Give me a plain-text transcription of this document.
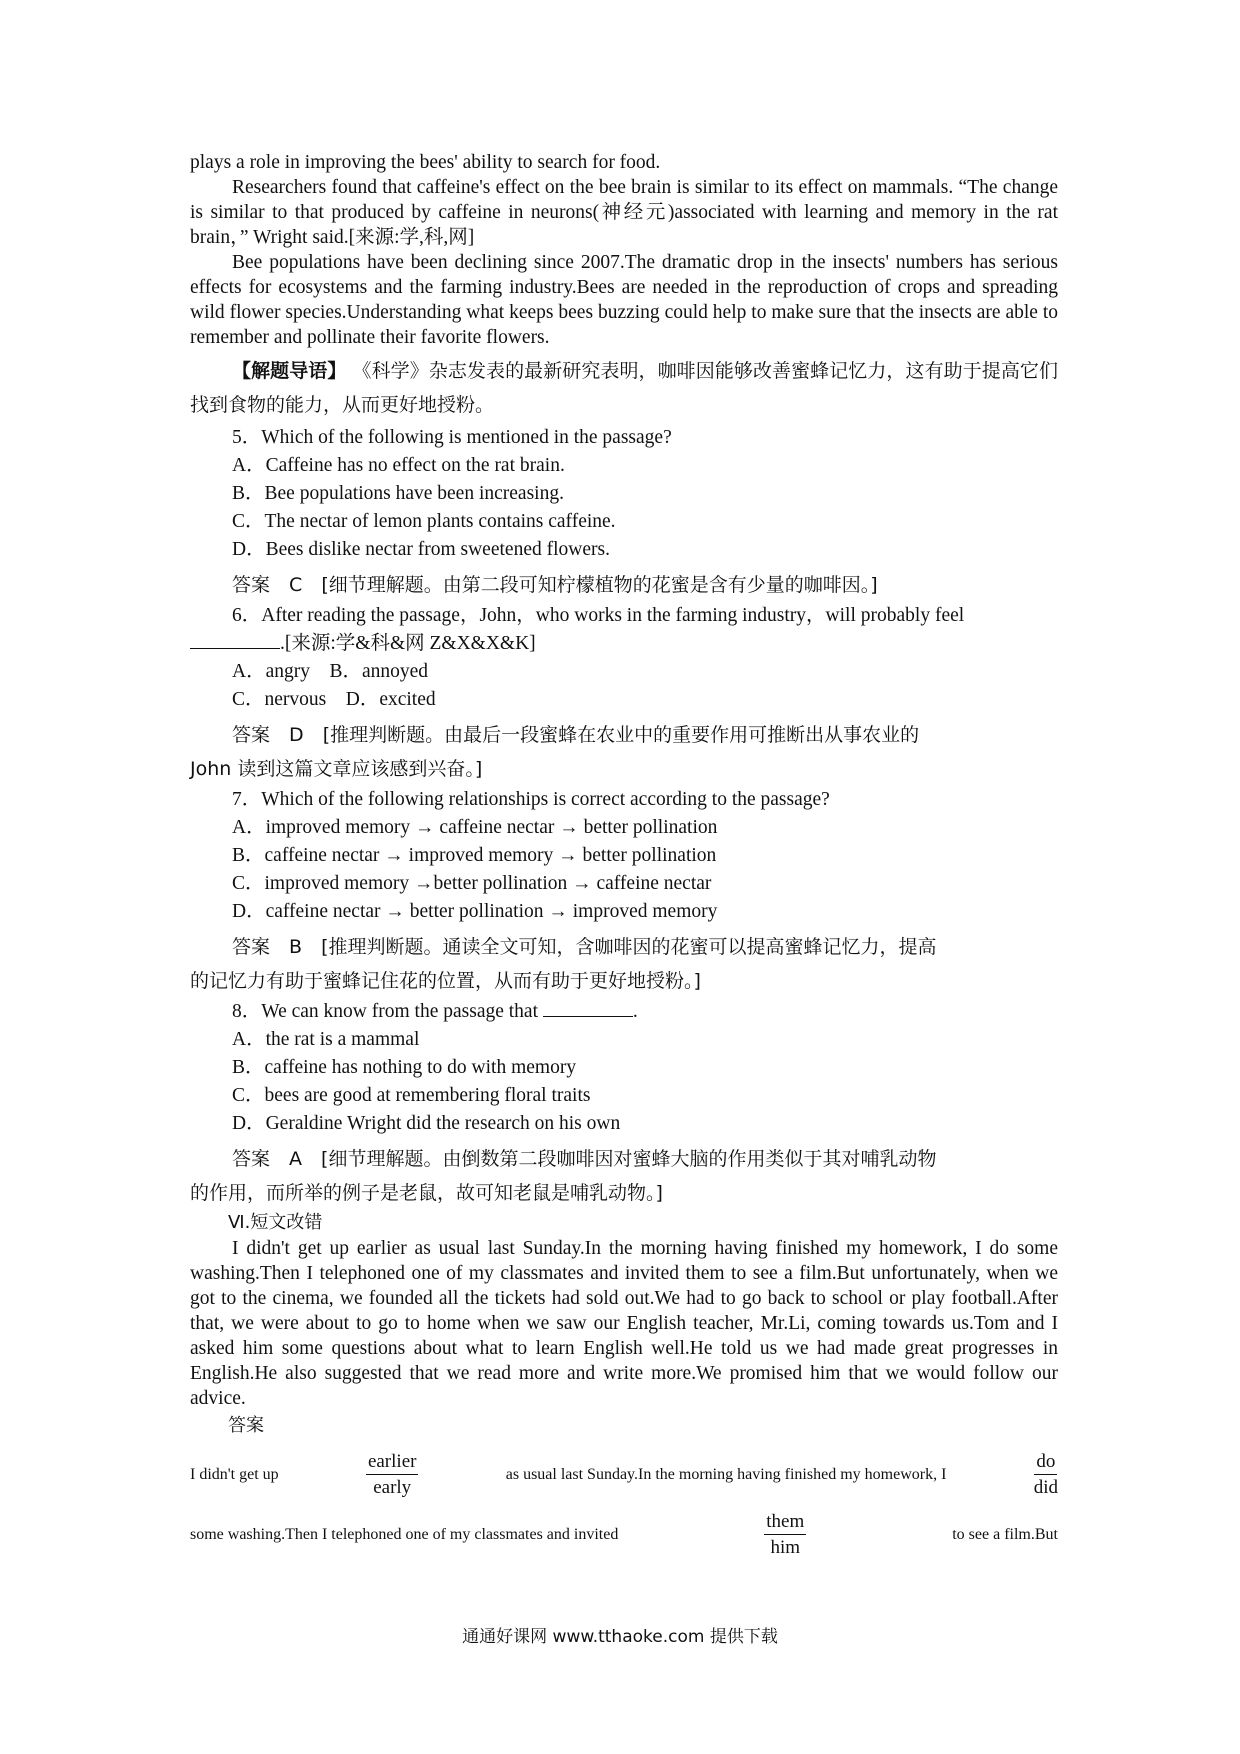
plays a role in improving the bees' ability to search for food.

Researchers found that caffeine's effect on the bee brain is similar to its effect on mammals. “The change is similar to that produced by caffeine in neurons(神经元)associated with learning and memory in the rat brain，” Wright said.[来源:学,科,网]

Bee populations have been declining since 2007.The dramatic drop in the insects' numbers has serious effects for ecosystems and the farming industry.Bees are needed in the reproduction of crops and spreading wild flower species.Understanding what keeps bees buzzing could help to make sure that the insects are able to remember and pollinate their favorite flowers.

【解题导语】 《科学》杂志发表的最新研究表明，咖啡因能够改善蜜蜂记忆力，这有助于提高它们找到食物的能力，从而更好地授粉。

5．Which of the following is mentioned in the passage?

A．Caffeine has no effect on the rat brain.

B．Bee populations have been increasing.

C．The nectar of lemon plants contains caffeine.

D．Bees dislike nectar from sweetened flowers.

答案　 C　 [细节理解题。由第二段可知柠檬植物的花蜜是含有少量的咖啡因。]

6．After reading the passage，John，who works in the farming industry，will probably feel

.[来源:学&科&网 Z&X&X&K]

A．angry　B．annoyed

C．nervous　D．excited

答案　 D　 [推理判断题。由最后一段蜜蜂在农业中的重要作用可推断出从事农业的

John 读到这篇文章应该感到兴奋。]

7．Which of the following relationships is correct according to the passage?

A．improved memory → caffeine nectar → better pollination

B．caffeine nectar → improved memory → better pollination

C．improved memory →better pollination → caffeine nectar

D．caffeine nectar → better pollination → improved memory

答案　 B　 [推理判断题。通读全文可知，含咖啡因的花蜜可以提高蜜蜂记忆力，提高

的记忆力有助于蜜蜂记住花的位置，从而有助于更好地授粉。]

8．We can know from the passage that	.

A．the rat is a mammal

B．caffeine has nothing to do with memory

C．bees are good at remembering floral traits

D．Geraldine Wright did the research on his own

答案　 A　 [细节理解题。由倒数第二段咖啡因对蜜蜂大脑的作用类似于其对哺乳动物

的作用，而所举的例子是老鼠，故可知老鼠是哺乳动物。]

Ⅵ.短文改错

I didn't get up earlier as usual last Sunday.In the morning having finished my homework, I do some washing.Then I telephoned one of my classmates and invited them to see a film.But unfortunately, when we got to the cinema, we founded all the tickets had sold out.We had to go back to school or play football.After that, we were about to go to home when we saw our English teacher, Mr.Li, coming towards us.Tom and I asked him some questions about what to learn English well.He told us we had made great progresses in English.He also suggested that we read more and write more.We promised him that we would follow our advice.

答案

I didn't get up	$\frac{\text{earlier}}{\text{early}}$	as usual last Sunday.In the morning having finished my homework, I	$\frac{do}{\text{did}}$
some washing.Then I telephoned one of my classmates and invited	$\frac{\text{them}}{\text{him}}$	to see a film.But
通通好课网 www.tthaoke.com 提供下载
